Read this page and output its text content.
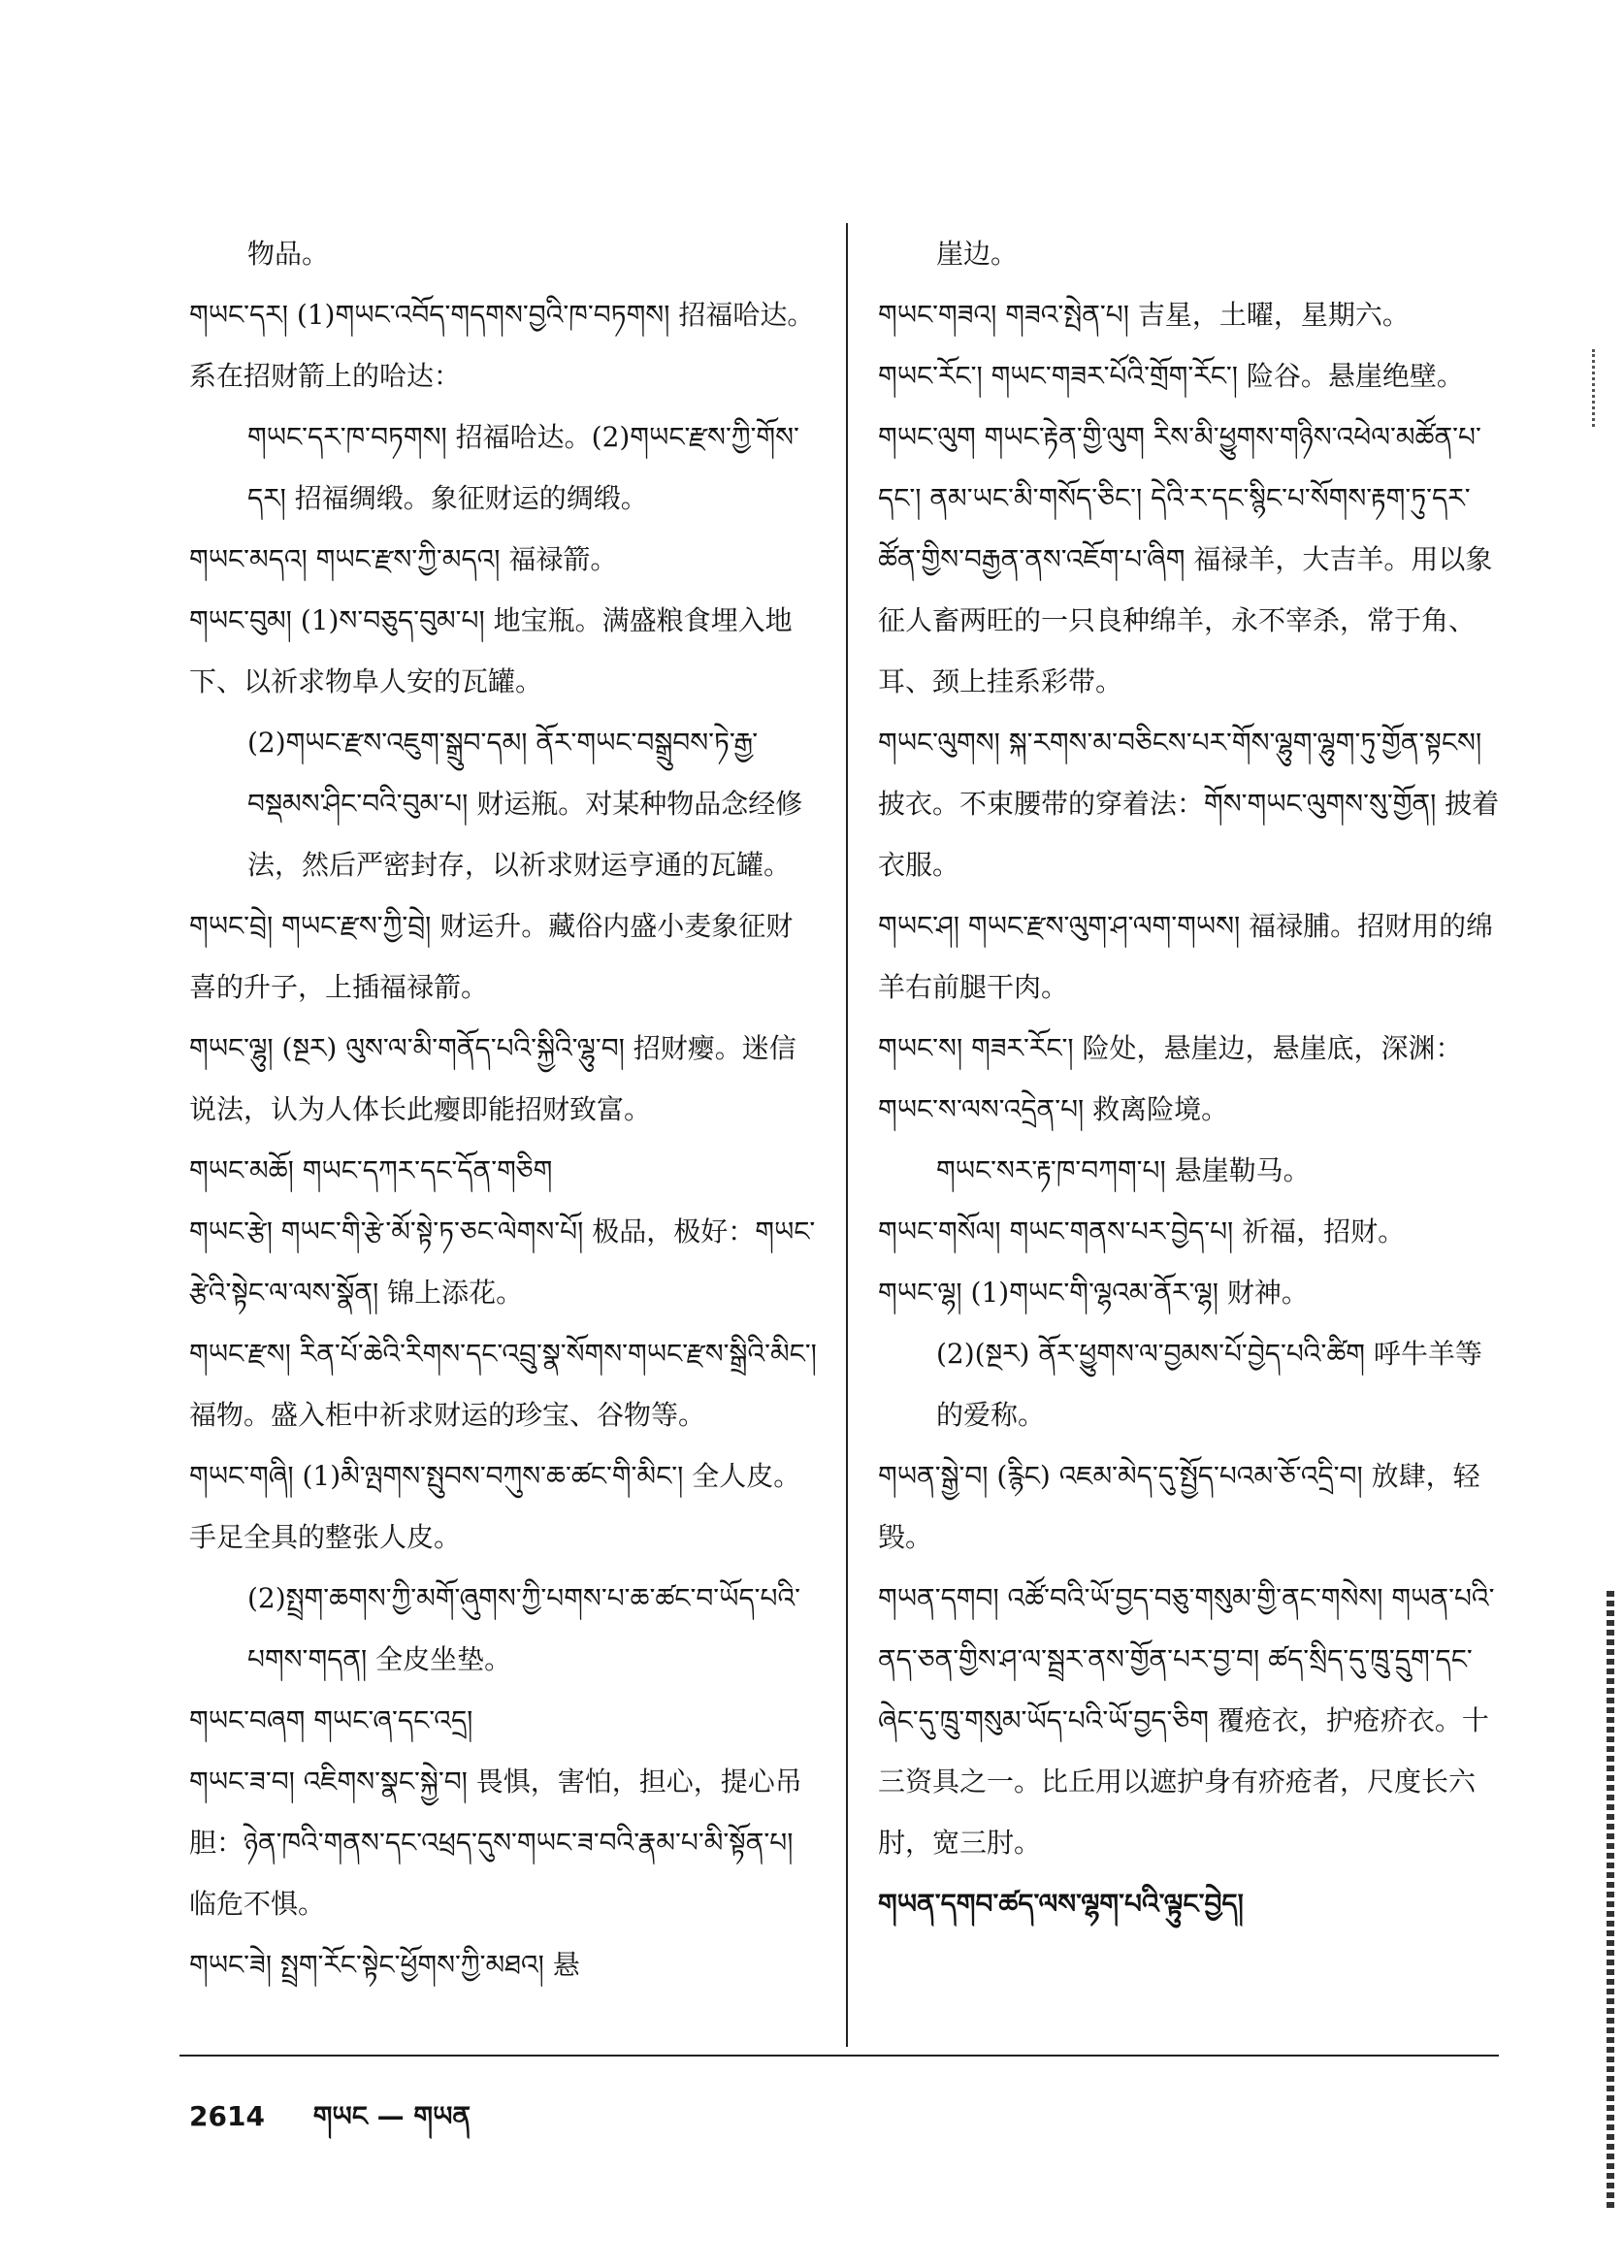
物品。

གཡང་དར། (1)གཡང་འབོད་གདགས་བྱའི་ཁ་བཏགས། 招福哈达。系在招财箭上的哈达：

གཡང་དར་ཁ་བཏགས། 招福哈达。(2)གཡང་རྫས་ཀྱི་གོས་དར། 招福绸缎。象征财运的绸缎。

གཡང་མདའ། གཡང་རྫས་ཀྱི་མདའ། 福禄箭。

གཡང་བུམ། (1)ས་བཅུད་བུམ་པ། 地宝瓶。满盛粮食埋入地下、以祈求物阜人安的瓦罐。

(2)གཡང་རྫས་འཇུག་སྒྲུབ་དམ། ནོར་གཡང་བསྒྲུབས་ཏེ་རྒྱ་བསྡམས་ཤིང་བའི་བུམ་པ། 财运瓶。对某种物品念经修法，然后严密封存，以祈求财运亨通的瓦罐。

གཡང་བྲེ། གཡང་རྫས་ཀྱི་བྲེ། 财运升。藏俗内盛小麦象征财喜的升子，上插福禄箭。

གཡང་ལྷུ། (སྔར) ལུས་ལ་མི་གནོད་པའི་སྐྱིའི་ལྷུ་བ། 招财瘿。迷信说法，认为人体长此瘿即能招财致富。

གཡང་མཆོ། གཡང་དཀར་དང་དོན་གཅིག

གཡང་རྩེ། གཡང་གི་རྩེ་མོ་སྟེ་ཏ་ཅང་ལེགས་པོ། 极品，极好：གཡང་རྩེའི་སྟེང་ལ་ལས་སྣོན། 锦上添花。

གཡང་རྫས། རིན་པོ་ཆེའི་རིགས་དང་འབྲུ་སྣ་སོགས་གཡང་རྫས་སྒྲིའི་མིང་། 福物。盛入柜中祈求财运的珍宝、谷物等。

གཡང་གཞི། (1)མི་ལྤགས་སྤུབས་བཀུས་ཆ་ཚང་གི་མིང་། 全人皮。手足全具的整张人皮。

(2)སྤྲག་ཆགས་ཀྱི་མགོ་ཞུགས་ཀྱི་པགས་པ་ཆ་ཚང་བ་ཡོད་པའི་པགས་གདན། 全皮坐垫。

གཡང་བཞག གཡང་ཞ་དང་འདྲ།

གཡང་ཟ་བ། འཇིགས་སྣང་སྐྱེ་བ། 畏惧，害怕，担心，提心吊胆：ཉེན་ཁའི་གནས་དང་འཕྲད་དུས་གཡང་ཟ་བའི་རྣམ་པ་མི་སྟོན་པ། 临危不惧。

གཡང་ཟེ། སྤྲག་རོང་སྟེང་ཕྱོགས་ཀྱི་མཐའ། 悬

崖边。

གཡང་གཟའ། གཟའ་སྤེན་པ། 吉星，土曜，星期六。

གཡང་རོང་། གཡང་གཟར་པོའི་གྲོག་རོང་། 险谷。悬崖绝壁。

གཡང་ལུག གཡང་རྟེན་གྱི་ལུག རིས་མི་ཕྱུགས་གཉིས་འཕེལ་མཚོན་པ་དང་། ནམ་ཡང་མི་གསོད་ཅིང་། དེའི་ར་དང་སྙིང་པ་སོགས་རྟག་ཏུ་དར་ཚོན་གྱིས་བརྒྱན་ནས་འཇོག་པ་ཞིག 福禄羊，大吉羊。用以象征人畜两旺的一只良种绵羊，永不宰杀，常于角、耳、颈上挂系彩带。

གཡང་ལུགས། སྐ་རགས་མ་བཅིངས་པར་གོས་ལྷུག་ལྷུག་ཏུ་གྱོན་སྟངས། 披衣。不束腰带的穿着法：གོས་གཡང་ལུགས་སུ་གྱོན། 披着衣服。

གཡང་ཤ། གཡང་རྫས་ལུག་ཤ་ལག་གཡས། 福禄脯。招财用的绵羊右前腿干肉。

གཡང་ས། གཟར་རོང་། 险处，悬崖边，悬崖底，深渊：གཡང་ས་ལས་འདྲེན་པ། 救离险境。

གཡང་སར་རྟ་ཁ་བཀག་པ། 悬崖勒马。

གཡང་གསོལ། གཡང་གནས་པར་བྱེད་པ། 祈福，招财。

གཡང་ལྷ། (1)གཡང་གི་ལྷའམ་ནོར་ལྷ། 财神。

(2)(སྔར) ནོར་ཕྱུགས་ལ་བྱམས་པོ་བྱེད་པའི་ཚིག 呼牛羊等的爱称。

གཡན་སྒྱེ་བ། (རྙིང) འཇམ་མེད་དུ་སྤྱོད་པའམ་ཅོ་འདྲི་བ། 放肆，轻毁。

གཡན་དགབ། འཚོ་བའི་ཡོ་བྱད་བཅུ་གསུམ་གྱི་ནང་གསེས། གཡན་པའི་ནད་ཅན་གྱིས་ཤ་ལ་སྦྲར་ནས་གྱོན་པར་བྱ་བ། ཚད་སྲིད་དུ་ཁྲུ་དྲུག་དང་ཞེང་དུ་ཁྲུ་གསུམ་ཡོད་པའི་ཡོ་བྱད་ཅིག 覆疮衣，护疮疥衣。十三资具之一。比丘用以遮护身有疥疮者，尺度长六肘，宽三肘。

གཡན་དགབ་ཚད་ལས་ལྷག་པའི་ལྟུང་བྱེད།

2614 གཡང — གཡན
